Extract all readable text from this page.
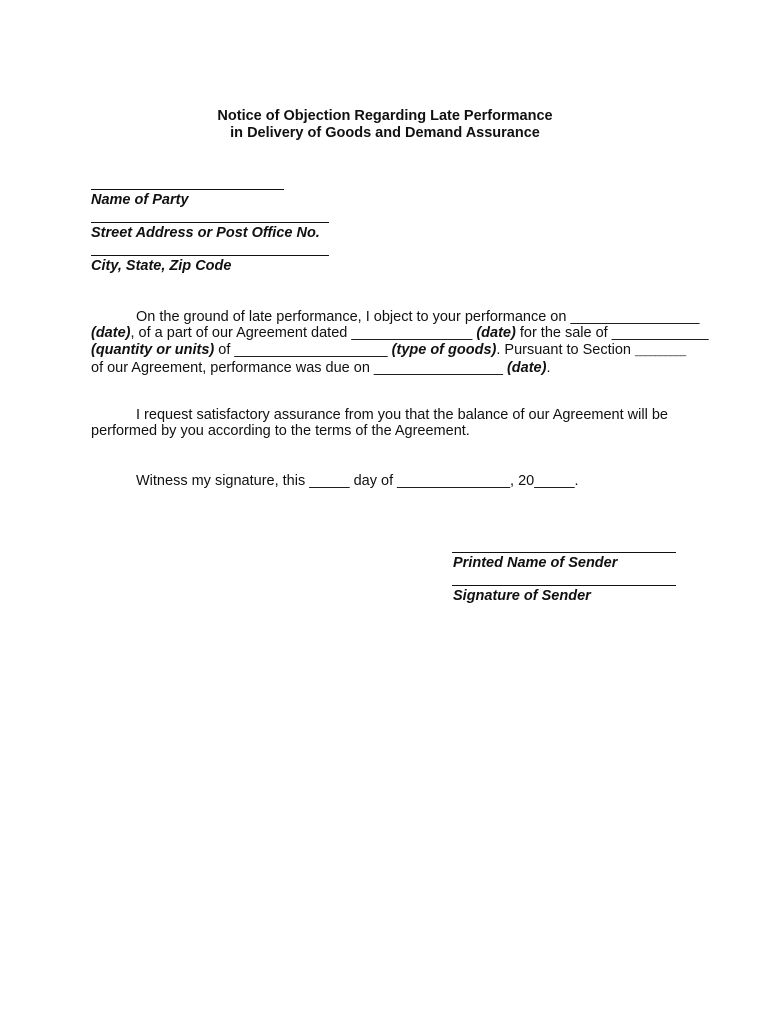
Notice of Objection Regarding Late Performance
in Delivery of Goods and Demand Assurance
Name of Party
Street Address or Post Office No.
City, State, Zip Code
On the ground of late performance, I object to your performance on ________________
(date), of a part of our Agreement dated _______________ (date) for the sale of ____________
(quantity or units) of ___________________ (type of goods). Pursuant to Section __________
of our Agreement, performance was due on ________________ (date).
I request satisfactory assurance from you that the balance of our Agreement will be
performed by you according to the terms of the Agreement.
Witness my signature, this _____ day of ______________, 20_____.
Printed Name of Sender
Signature of Sender
